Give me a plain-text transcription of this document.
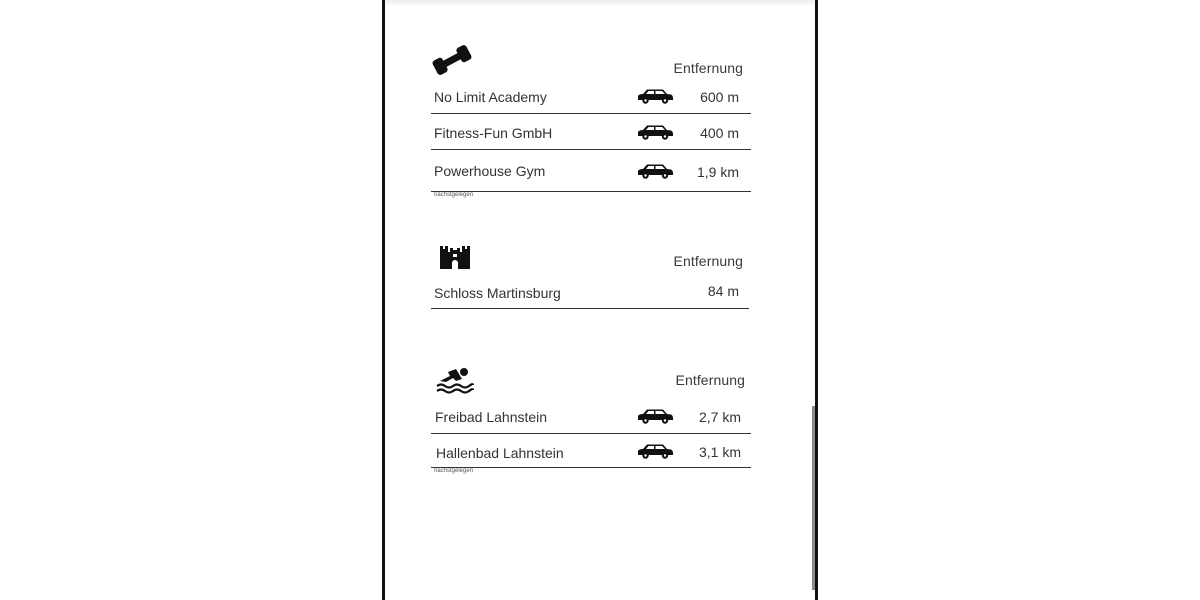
Entfernung
No Limit Academy	600 m
Fitness-Fun GmbH	400 m
Powerhouse Gym	1,9 km
nächstgelegen
Entfernung
Schloss Martinsburg	84 m
Entfernung
Freibad Lahnstein	2,7 km
Hallenbad Lahnstein	3,1 km
nächstgelegen
